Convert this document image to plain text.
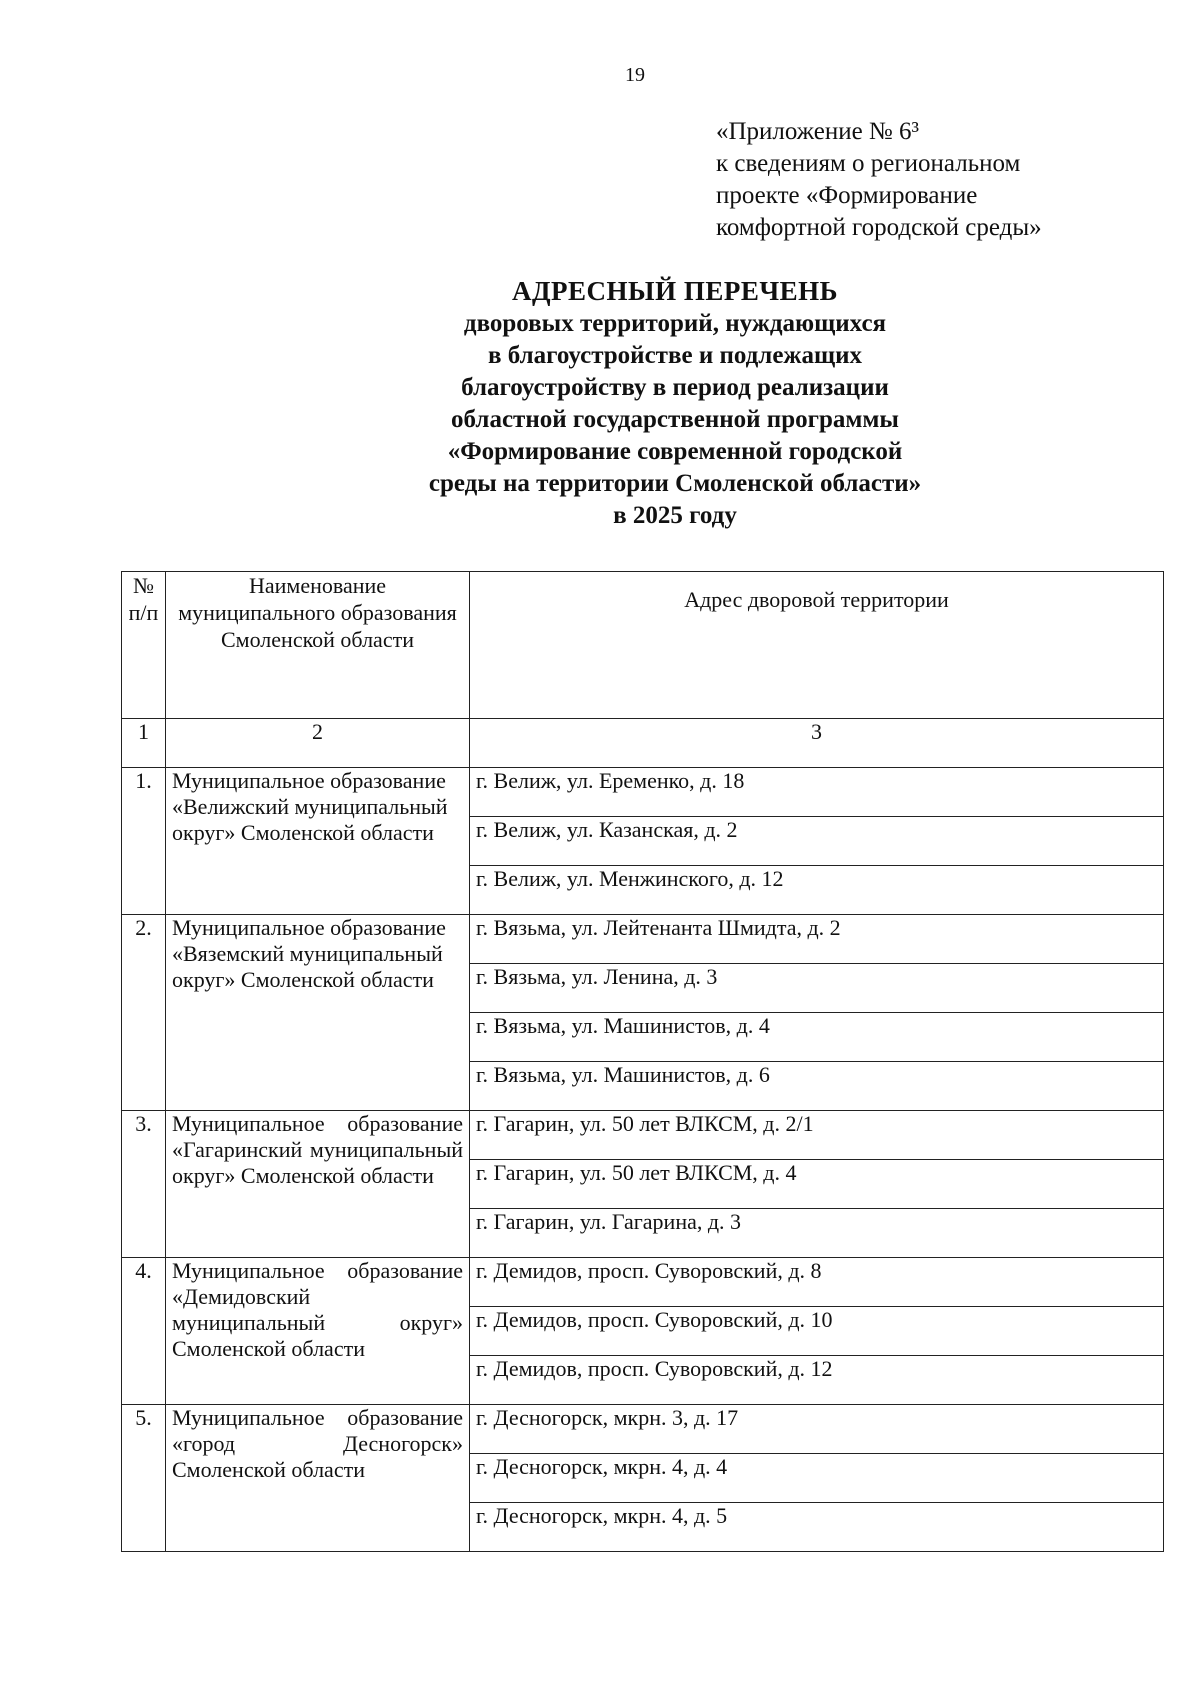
19
«Приложение № 6³
к сведениям о региональном
проекте «Формирование
комфортной городской среды»
АДРЕСНЫЙ ПЕРЕЧЕНЬ
дворовых территорий, нуждающихся
в благоустройстве и подлежащих
благоустройству в период реализации
областной государственной программы
«Формирование современной городской
среды на территории Смоленской области»
в 2025 году
№ п/п	Наименование муниципального образования Смоленской области	Адрес дворовой территории
1	2	3
1.	Муниципальное образование «Велижский муниципальный округ» Смоленской области	г. Велиж, ул. Еременко, д. 18
		г. Велиж, ул. Казанская, д. 2
		г. Велиж, ул. Менжинского, д. 12
2.	Муниципальное образование «Вяземский муниципальный округ» Смоленской области	г. Вязьма, ул. Лейтенанта Шмидта, д. 2
		г. Вязьма, ул. Ленина, д. 3
		г. Вязьма, ул. Машинистов, д. 4
		г. Вязьма, ул. Машинистов, д. 6
3.	Муниципальное образование «Гагаринский муниципальный округ» Смоленской области	г. Гагарин, ул. 50 лет ВЛКСМ, д. 2/1
		г. Гагарин, ул. 50 лет ВЛКСМ, д. 4
		г. Гагарин, ул. Гагарина, д. 3
4.	Муниципальное образование «Демидовский муниципальный округ» Смоленской области	г. Демидов, просп. Суворовский, д. 8
		г. Демидов, просп. Суворовский, д. 10
		г. Демидов, просп. Суворовский, д. 12
5.	Муниципальное образование «город Десногорск» Смоленской области	г. Десногорск, мкрн. 3, д. 17
		г. Десногорск, мкрн. 4, д. 4
		г. Десногорск, мкрн. 4, д. 5
